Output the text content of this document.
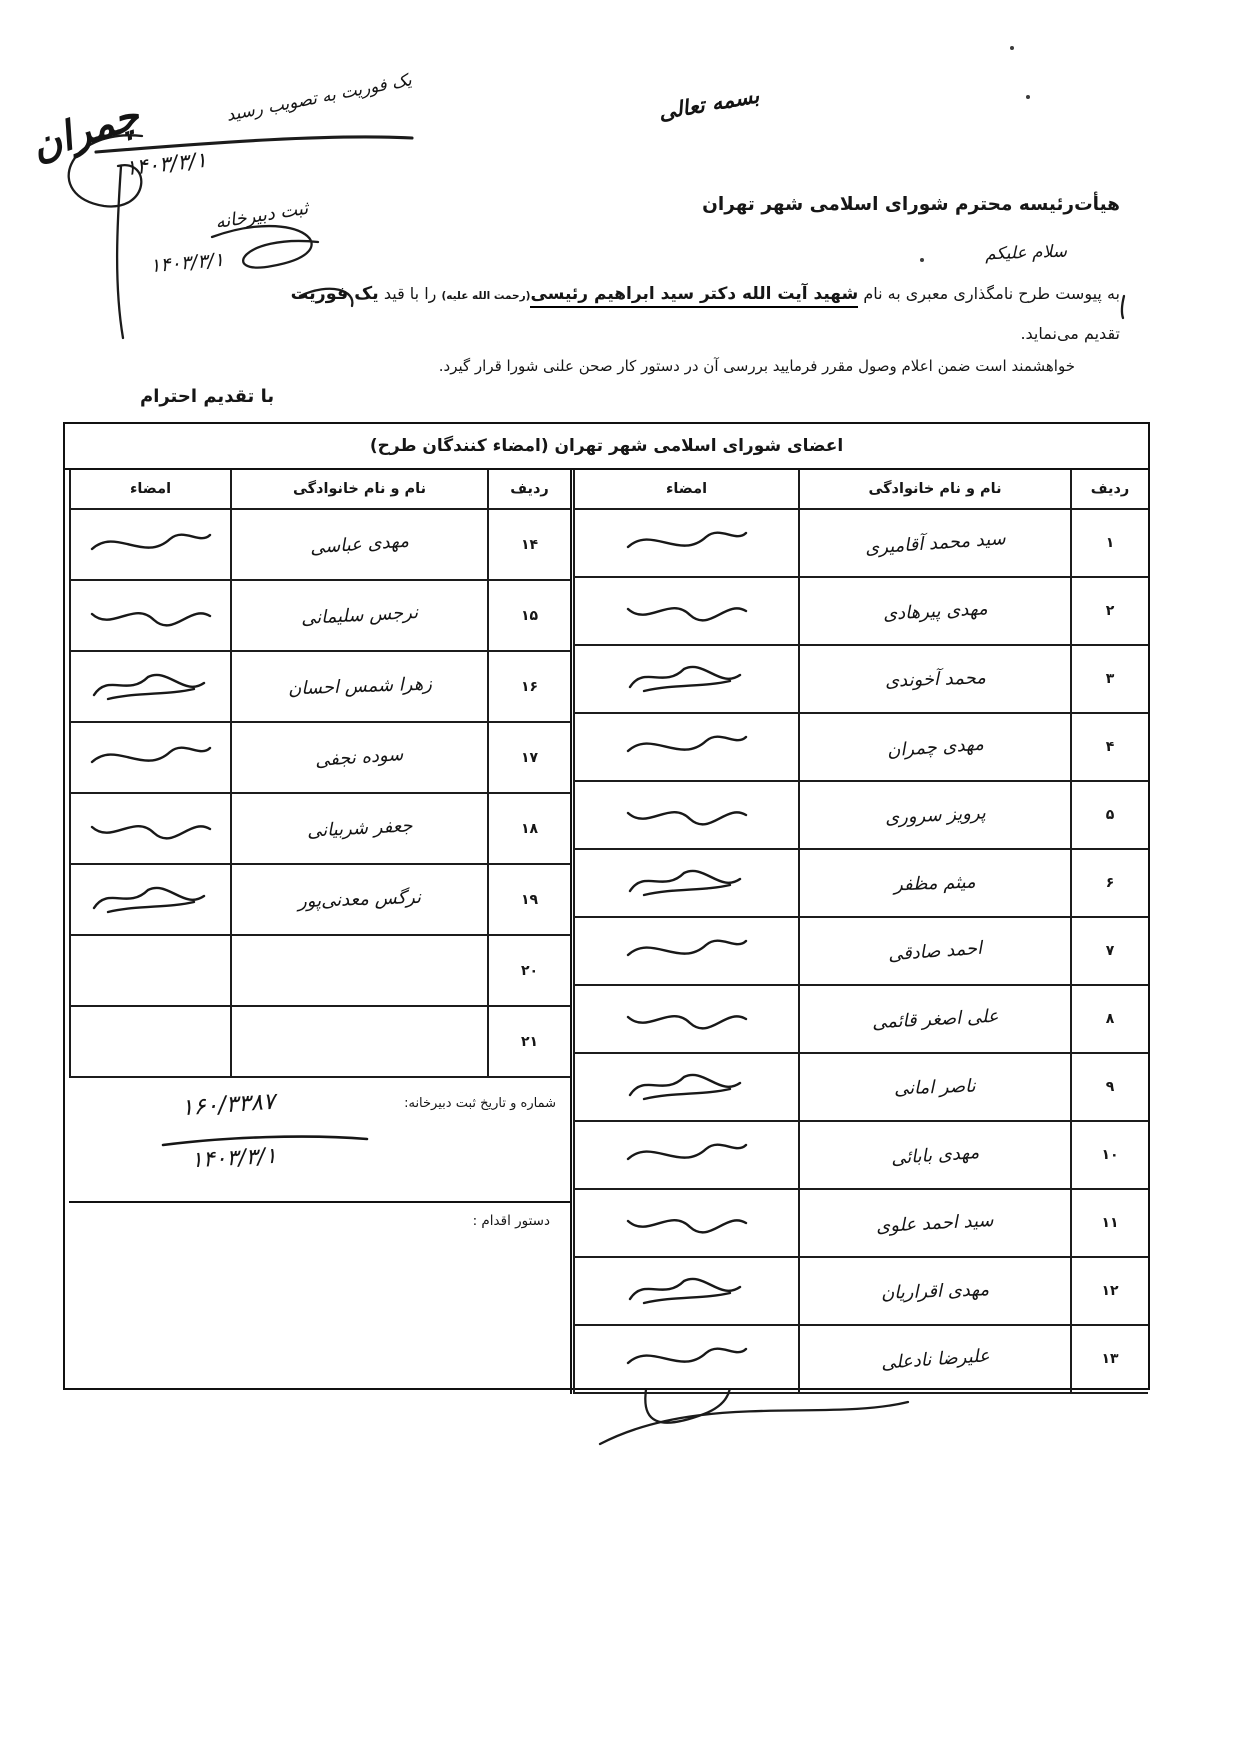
یک فوریت به تصویب رسید
چمران
۱۴۰۳/۳/۱
ثبت دبیرخانه
۱۴۰۳/۳/۱
بسمه تعالی
هیأت‌رئیسه محترم شورای اسلامی شهر تهران
سلام علیکم
به پیوست طرح نامگذاری معبری به نام شهید آیت الله دکتر سید ابراهیم رئیسی(رحمت الله علیه) را با قید یک فوریت
تقدیم می‌نماید.
خواهشمند است ضمن اعلام وصول مقرر فرمایید بررسی آن در دستور کار صحن علنی شورا قرار گیرد.
با تقدیم احترام
اعضای شورای اسلامی شهر تهران (امضاء کنندگان طرح)
ردیف
نام و نام خانوادگی
امضاء
۱
سید محمد آقامیری
۲
مهدی پیرهادی
۳
محمد آخوندی
۴
مهدی چمران
۵
پرویز سروری
۶
میثم مظفر
۷
احمد صادقی
۸
علی اصغر قائمی
۹
ناصر امانی
۱۰
مهدی بابائی
۱۱
سید احمد علوی
۱۲
مهدی اقراریان
۱۳
علیرضا نادعلی
ردیف
نام و نام خانوادگی
امضاء
شماره و تاریخ ثبت دبیرخانه:
۱۶۰/۳۳۸۷
۱۴۰۳/۳/۱
دستور اقدام :
۱۴
مهدی عباسی
۱۵
نرجس سلیمانی
۱۶
زهرا شمس احسان
۱۷
سوده نجفی
۱۸
جعفر شربیانی
۱۹
نرگس معدنی‌پور
۲۰
۲۱
